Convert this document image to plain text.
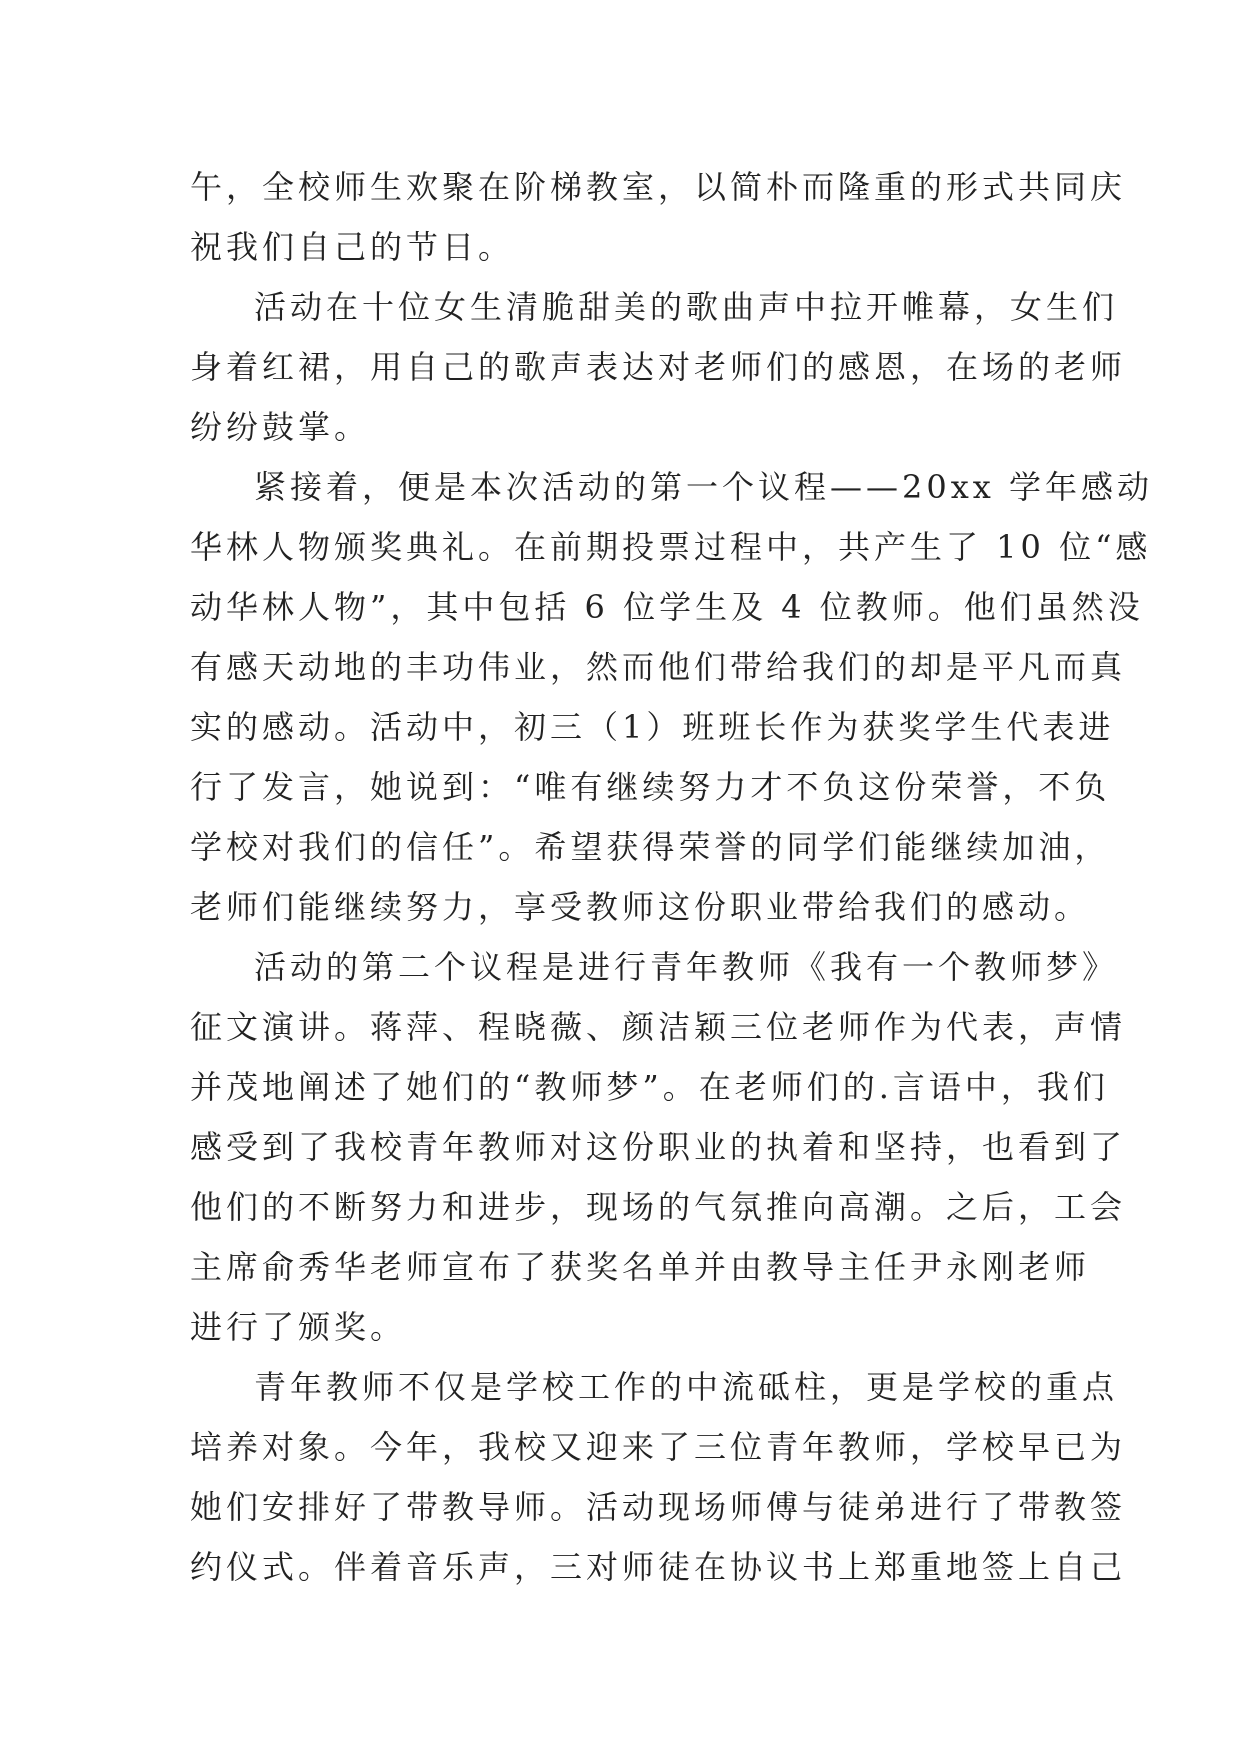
午，全校师生欢聚在阶梯教室，以简朴而隆重的形式共同庆
祝我们自己的节日。
活动在十位女生清脆甜美的歌曲声中拉开帷幕，女生们
身着红裙，用自己的歌声表达对老师们的感恩，在场的老师
纷纷鼓掌。
紧接着，便是本次活动的第一个议程——20xx 学年感动
华林人物颁奖典礼。在前期投票过程中，共产生了 10 位“感
动华林人物”，其中包括 6 位学生及 4 位教师。他们虽然没
有感天动地的丰功伟业，然而他们带给我们的却是平凡而真
实的感动。活动中，初三（1）班班长作为获奖学生代表进
行了发言，她说到：“唯有继续努力才不负这份荣誉，不负
学校对我们的信任”。希望获得荣誉的同学们能继续加油，
老师们能继续努力，享受教师这份职业带给我们的感动。
活动的第二个议程是进行青年教师《我有一个教师梦》
征文演讲。蒋萍、程晓薇、颜洁颖三位老师作为代表，声情
并茂地阐述了她们的“教师梦”。在老师们的.言语中，我们
感受到了我校青年教师对这份职业的执着和坚持，也看到了
他们的不断努力和进步，现场的气氛推向高潮。之后，工会
主席俞秀华老师宣布了获奖名单并由教导主任尹永刚老师
进行了颁奖。
青年教师不仅是学校工作的中流砥柱，更是学校的重点
培养对象。今年，我校又迎来了三位青年教师，学校早已为
她们安排好了带教导师。活动现场师傅与徒弟进行了带教签
约仪式。伴着音乐声，三对师徒在协议书上郑重地签上自己
